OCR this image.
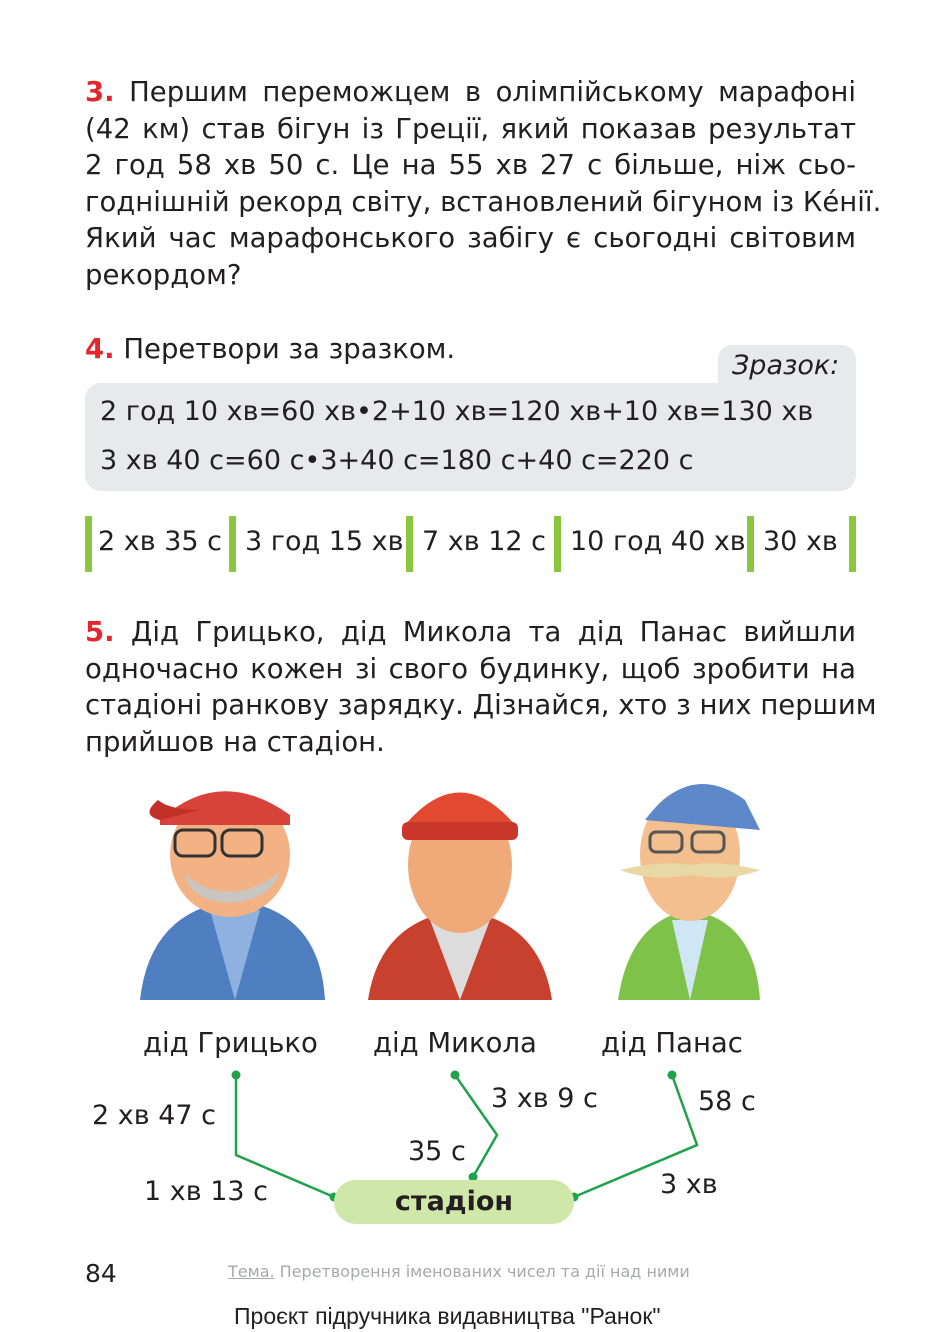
3. Першим переможцем в олімпійському марафоні
(42 км) став бігун із Греції, який показав результат
2 год 58 хв 50 с. Це на 55 хв 27 с більше, ніж сьо-
годнішній рекорд світу, встановлений бігуном із Ке́нії.
Який час марафонського забігу є сьогодні світовим
рекордом?

4. Перетвори за зразком.

Зразок:
2 год 10 хв=60 хв•2+10 хв=120 хв+10 хв=130 хв
3 хв 40 с=60 с•3+40 с=180 с+40 с=220 с
2 хв 35 с 3 год 15 хв 7 хв 12 с 10 год 40 хв 30 хв
5. Дід Грицько, дід Микола та дід Панас вийшли
одночасно кожен зі свого будинку, щоб зробити на
стадіоні ранкову зарядку. Дізнайся, хто з них першим
прийшов на стадіон.
дід Грицько дід Микола дід Панас
стадіон
2 хв 47 с
1 хв 13 с
3 хв 9 с
35 с
58 с
3 хв
84	Тема. Перетворення іменованих чисел та дії над ними
Проєкт підручника видавництва "Ранок"
